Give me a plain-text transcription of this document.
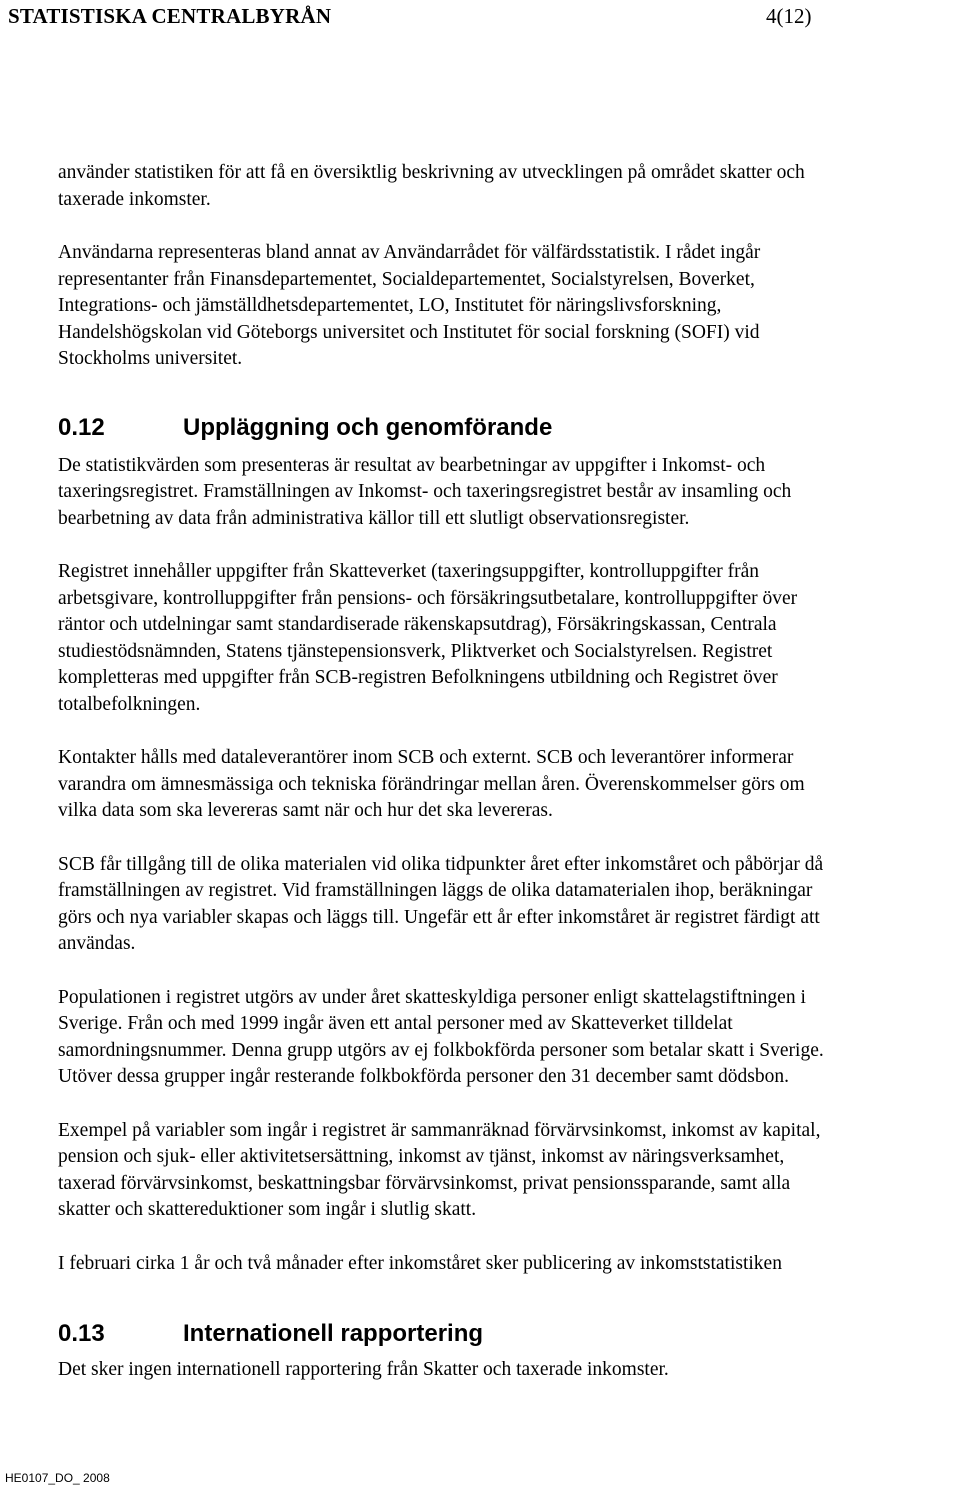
STATISTISKA CENTRALBYRÅN	4(12)

använder statistiken för att få en översiktlig beskrivning av utvecklingen på området skatter och
taxerade inkomster.

Användarna representeras bland annat av Användarrådet för välfärdsstatistik. I rådet ingår
representanter från Finansdepartementet, Socialdepartementet, Socialstyrelsen, Boverket,
Integrations- och jämställdhetsdepartementet, LO, Institutet för näringslivsforskning,
Handelshögskolan vid Göteborgs universitet och Institutet för social forskning (SOFI) vid
Stockholms universitet.

0.12	Uppläggning och genomförande

De statistikvärden som presenteras är resultat av bearbetningar av uppgifter i Inkomst- och
taxeringsregistret. Framställningen av Inkomst- och taxeringsregistret består av insamling och
bearbetning av data från administrativa källor till ett slutligt observationsregister.

Registret innehåller uppgifter från Skatteverket (taxeringsuppgifter, kontrolluppgifter från
arbetsgivare, kontrolluppgifter från pensions- och försäkringsutbetalare, kontrolluppgifter över
räntor och utdelningar samt standardiserade räkenskapsutdrag), Försäkringskassan, Centrala
studiestödsnämnden, Statens tjänstepensionsverk, Pliktverket och Socialstyrelsen. Registret
kompletteras med uppgifter från SCB-registren Befolkningens utbildning och Registret över
totalbefolkningen.

Kontakter hålls med dataleverantörer inom SCB och externt. SCB och leverantörer informerar
varandra om ämnesmässiga och tekniska förändringar mellan åren. Överenskommelser görs om
vilka data som ska levereras samt när och hur det ska levereras.

SCB får tillgång till de olika materialen vid olika tidpunkter året efter inkomståret och påbörjar då
framställningen av registret. Vid framställningen läggs de olika datamaterialen ihop, beräkningar
görs och nya variabler skapas och läggs till. Ungefär ett år efter inkomståret är registret färdigt att
användas.

Populationen i registret utgörs av under året skatteskyldiga personer enligt skattelagstiftningen i
Sverige. Från och med 1999 ingår även ett antal personer med av Skatteverket tilldelat
samordningsnummer. Denna grupp utgörs av ej folkbokförda personer som betalar skatt i Sverige.
Utöver dessa grupper ingår resterande folkbokförda personer den 31 december samt dödsbon.

Exempel på variabler som ingår i registret är sammanräknad förvärvsinkomst, inkomst av kapital,
pension och sjuk- eller aktivitetsersättning, inkomst av tjänst, inkomst av näringsverksamhet,
taxerad förvärvsinkomst, beskattningsbar förvärvsinkomst, privat pensionssparande, samt alla
skatter och skattereduktioner som ingår i slutlig skatt.

I februari cirka 1 år och två månader efter inkomståret sker publicering av inkomststatistiken

0.13	Internationell rapportering

Det sker ingen internationell rapportering från Skatter och taxerade inkomster.

HE0107_DO_ 2008
